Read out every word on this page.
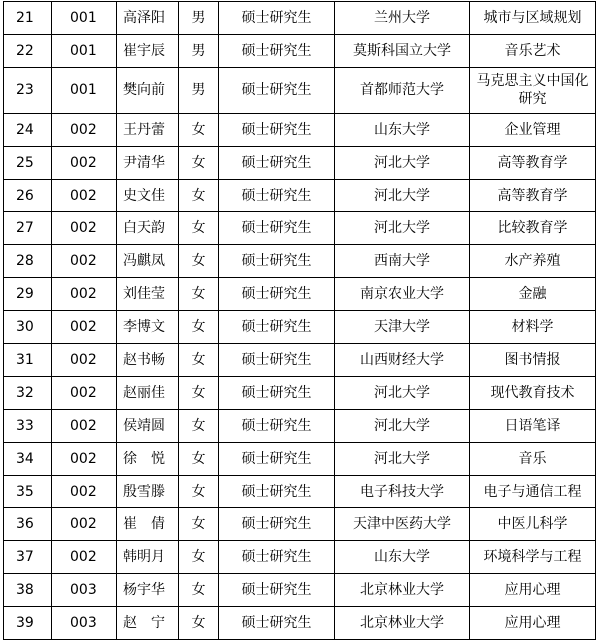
21	001	高泽阳	男	硕士研究生	兰州大学	城市与区域规划
22	001	崔宇辰	男	硕士研究生	莫斯科国立大学	音乐艺术
23	001	樊向前	男	硕士研究生	首都师范大学	马克思主义中国化研究
24	002	王丹蕾	女	硕士研究生	山东大学	企业管理
25	002	尹清华	女	硕士研究生	河北大学	高等教育学
26	002	史文佳	女	硕士研究生	河北大学	高等教育学
27	002	白天韵	女	硕士研究生	河北大学	比较教育学
28	002	冯麒凤	女	硕士研究生	西南大学	水产养殖
29	002	刘佳莹	女	硕士研究生	南京农业大学	金融
30	002	李博文	女	硕士研究生	天津大学	材料学
31	002	赵书畅	女	硕士研究生	山西财经大学	图书情报
32	002	赵丽佳	女	硕士研究生	河北大学	现代教育技术
33	002	侯靖圆	女	硕士研究生	河北大学	日语笔译
34	002	徐　悦	女	硕士研究生	河北大学	音乐
35	002	殷雪滕	女	硕士研究生	电子科技大学	电子与通信工程
36	002	崔　倩	女	硕士研究生	天津中医药大学	中医儿科学
37	002	韩明月	女	硕士研究生	山东大学	环境科学与工程
38	003	杨宇华	女	硕士研究生	北京林业大学	应用心理
39	003	赵　宁	女	硕士研究生	北京林业大学	应用心理
